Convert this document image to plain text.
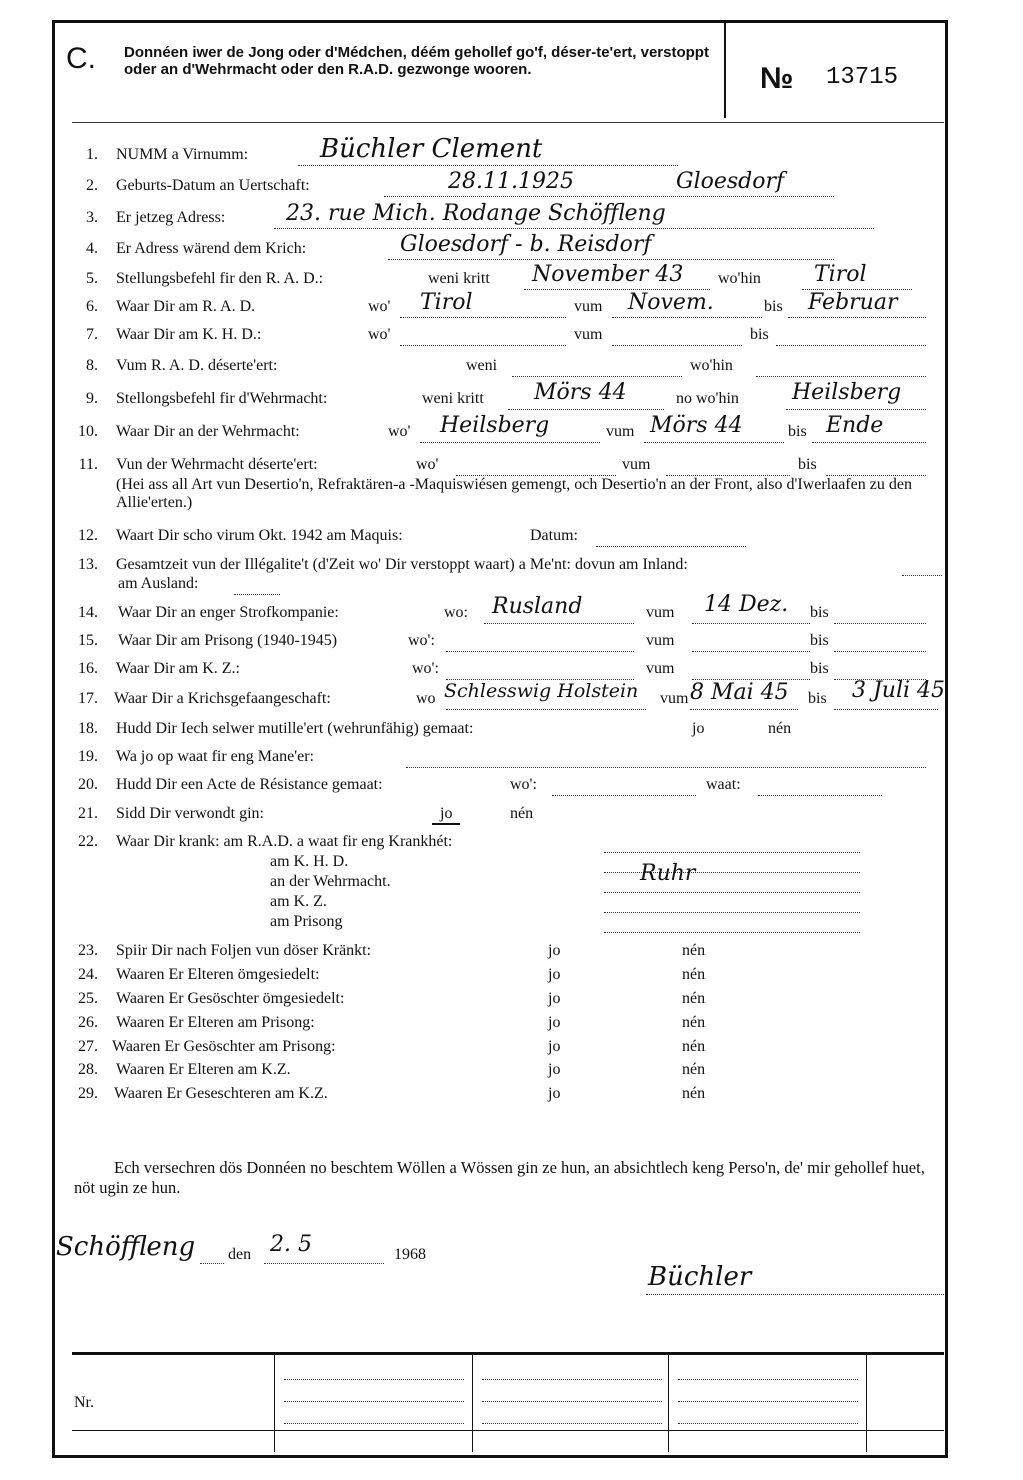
C. Donnéen iwer de Jong oder d'Médchen, déém gehollef go'f, déser-te'ert, verstoppt oder an d'Wehrmacht oder den R.A.D. gezwonge wooren.	№ 13715
1. NUMM a Virnumm:	Büchler Clement
2. Geburts-Datum an Uertschaft:	28.11.1925	Gloesdorf
3. Er jetzeg Adress:	23. rue Mich. Rodange Schöffleng
4. Er Adress wärend dem Krich:	Gloesdorf - b. Reisdorf
5. Stellungsbefehl fir den R. A. D.:	weni kritt November 43 wo'hin Tirol
6. Waar Dir am R. A. D.	wo' Tirol	vum Novem.	bis Februar
7. Waar Dir am K. H. D.:	wo'	vum	bis
8. Vum R. A. D. déserte'ert:	weni	wo'hin
9. Stellongsbefehl fir d'Wehrmacht:	weni kritt Mörs 44	no wo'hin Heilsberg
10. Waar Dir an der Wehrmacht:	wo' Heilsberg	vum Mörs 44	bis Ende
11. Vun der Wehrmacht déserte'ert:	wo'	vum	bis
(Hei ass all Art vun Desertio'n, Refraktären-a -Maquiswiésen gemengt, och Desertio'n an der Front, also d'Iwerlaafen zu den Allie'erten.)
12. Waart Dir scho virum Okt. 1942 am Maquis:	Datum:
13. Gesamtzeit vun der Illégalite't (d'Zeit wo' Dir verstoppt waart) a Me'nt: dovun am Inland:
am Ausland:
14. Waar Dir an enger Strofkompanie:	wo: Rusland	vum 14 Dez. bis
15. Waar Dir am Prisong (1940-1945)	wo':	vum	bis
16. Waar Dir am K. Z.:	wo':	vum	bis
17. Waar Dir a Krichsgefaangeschaft:	wo Schlesswig Holstein vum 8 Mai 45 bis 3 Juli 45
18. Hudd Dir Iech selwer mutille'ert (wehrunfähig) gemaat:	jo	nén
19. Wa jo op waat fir eng Mane'er:
20. Hudd Dir een Acte de Résistance gemaat:	wo':	waat:
21. Sidd Dir verwondt gin:	jo	nén
22. Waar Dir krank: am R.A.D. a waat fir eng Krankhét:
am K. H. D.
an der Wehrmacht.	Ruhr
am K. Z.
am Prisong
23. Spiir Dir nach Foljen vun döser Kränkt:	jo	nén
24. Waaren Er Elteren ömgesiedelt:	jo	nén
25. Waaren Er Gesöschter ömgesiedelt:	jo	nén
26. Waaren Er Elteren am Prisong:	jo	nén
27. Waaren Er Gesöschter am Prisong:	jo	nén
28. Waaren Er Elteren am K.Z.	jo	nén
29. Waaren Er Geseschteren am K.Z.	jo	nén
Ech versechren dös Donnéen no beschtem Wöllen a Wössen gin ze hun, an absichtlech keng Perso'n, de' mir gehollef huet, nöt ugin ze hun.
Schöffleng den 2. 5	1968
Büchler
Nr.
